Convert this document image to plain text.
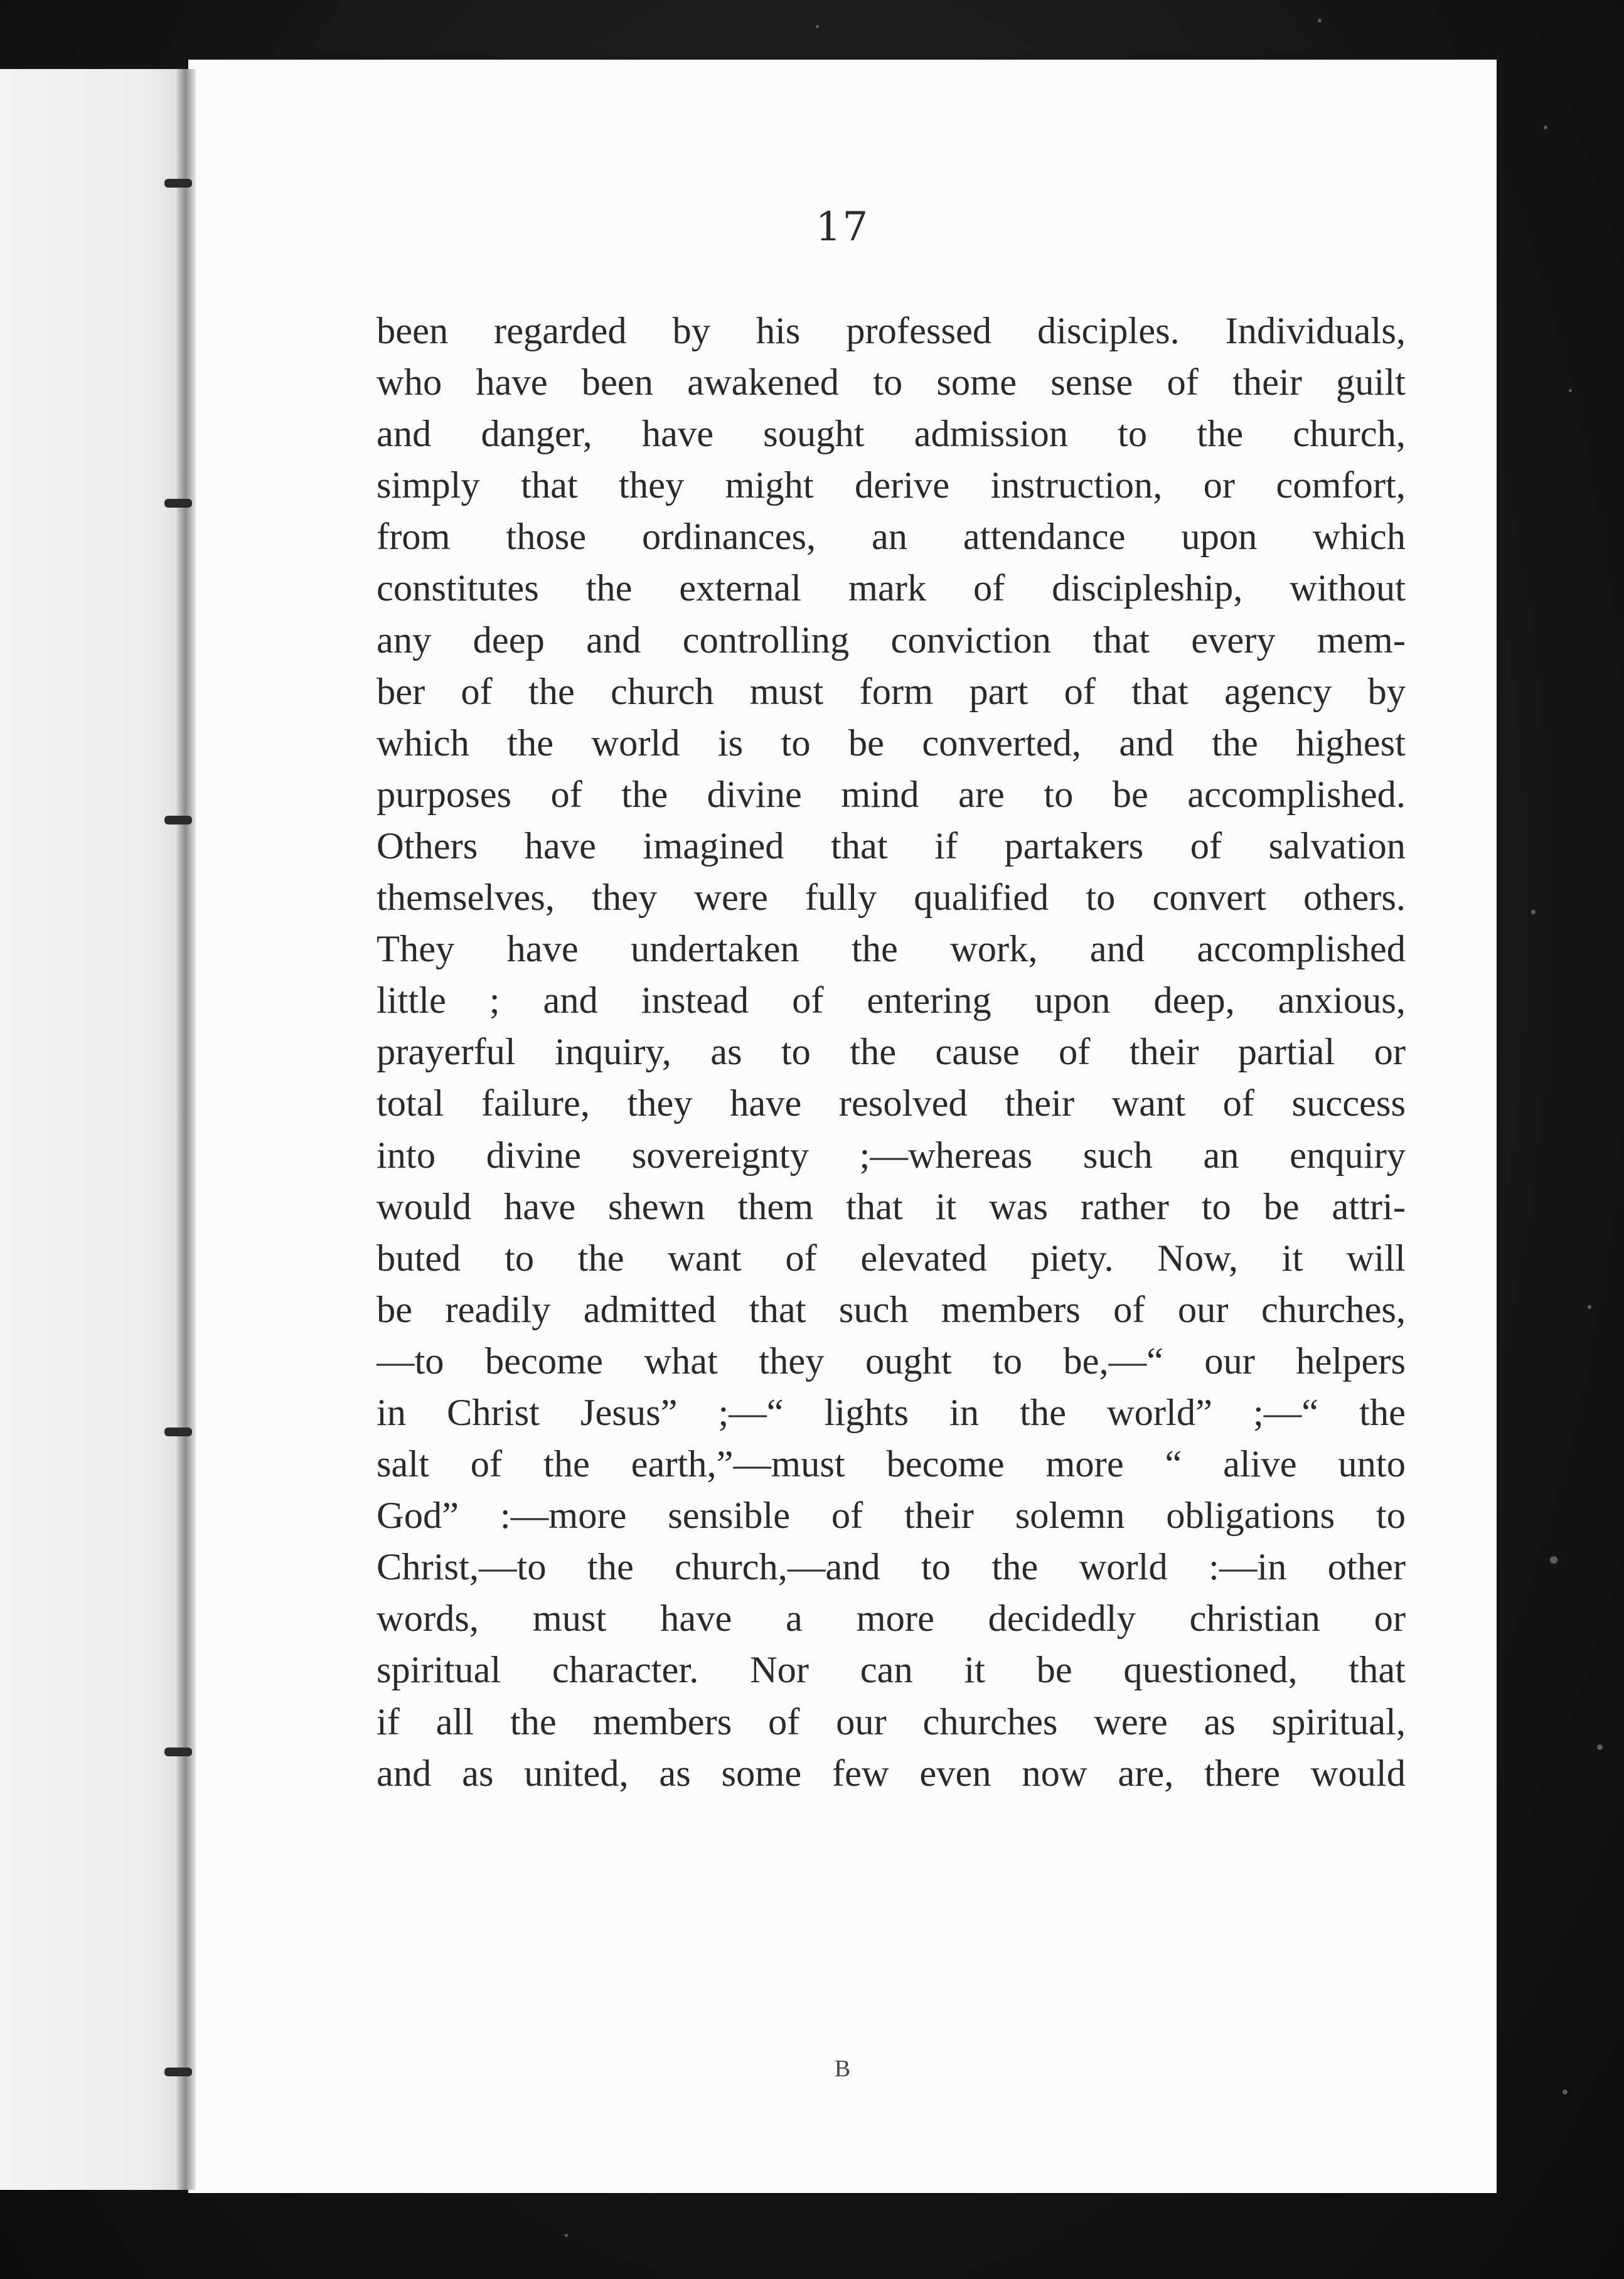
17
been regarded by his professed disciples. Individuals,
who have been awakened to some sense of their guilt
and danger, have sought admission to the church,
simply that they might derive instruction, or comfort,
from those ordinances, an attendance upon which
constitutes the external mark of discipleship, without
any deep and controlling conviction that every mem-
ber of the church must form part of that agency by
which the world is to be converted, and the highest
purposes of the divine mind are to be accomplished.
Others have imagined that if partakers of salvation
themselves, they were fully qualified to convert others.
They have undertaken the work, and accomplished
little ; and instead of entering upon deep, anxious,
prayerful inquiry, as to the cause of their partial or
total failure, they have resolved their want of success
into divine sovereignty ;—whereas such an enquiry
would have shewn them that it was rather to be attri-
buted to the want of elevated piety. Now, it will
be readily admitted that such members of our churches,
—to become what they ought to be,—“ our helpers
in Christ Jesus” ;—“ lights in the world” ;—“ the
salt of the earth,”—must become more “ alive unto
God” :—more sensible of their solemn obligations to
Christ,—to the church,—and to the world :—in other
words, must have a more decidedly christian or
spiritual character. Nor can it be questioned, that
if all the members of our churches were as spiritual,
and as united, as some few even now are, there would
B
